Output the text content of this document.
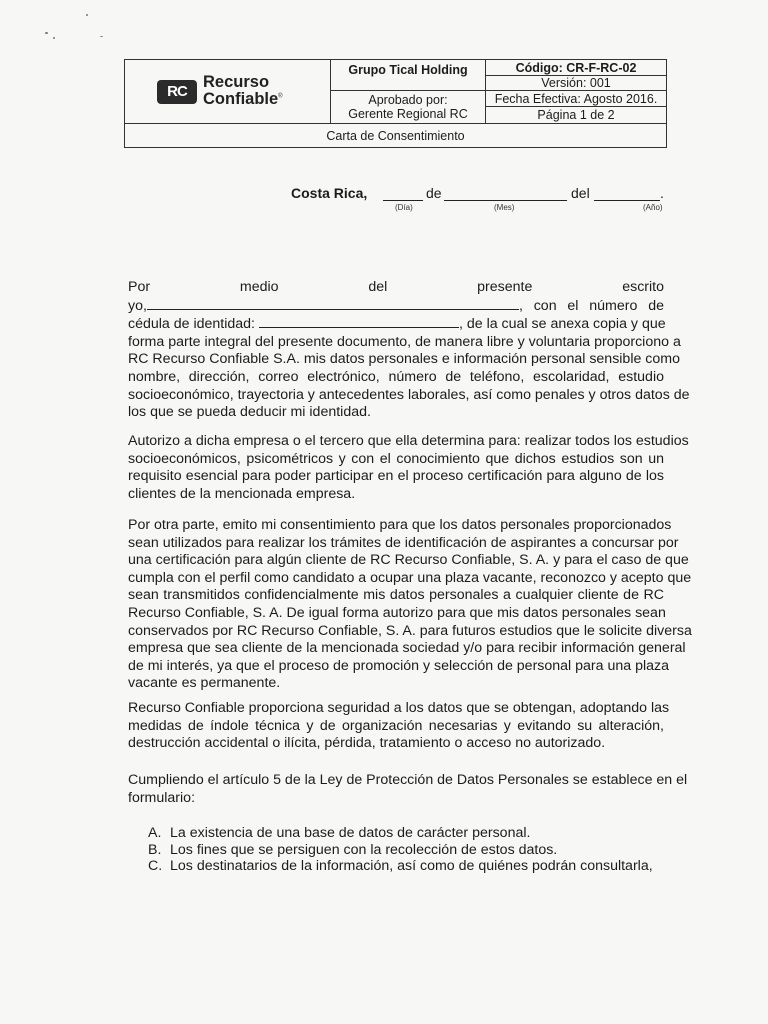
RC
Recurso
Confiable®
Grupo Tical Holding
Aprobado por:
Gerente Regional RC
Código: CR-F-RC-02
Versión: 001
Fecha Efectiva: Agosto 2016.
Página 1 de 2
Carta de Consentimiento
Costa Rica,	de	del	.
(Día)	(Mes)	(Año)
Por medio del presente escrito
yo,	, con el número de
cédula de identidad:	, de la cual se anexa copia y que
forma parte integral del presente documento, de manera libre y voluntaria proporciono a
RC Recurso Confiable S.A. mis datos personales e información personal sensible como
nombre, dirección, correo electrónico, número de teléfono, escolaridad, estudio
socioeconómico, trayectoria y antecedentes laborales, así como penales y otros datos de
los que se pueda deducir mi identidad.
Autorizo a dicha empresa o el tercero que ella determina para: realizar todos los estudios
socioeconómicos, psicométricos y con el conocimiento que dichos estudios son un
requisito esencial para poder participar en el proceso certificación para alguno de los
clientes de la mencionada empresa.
Por otra parte, emito mi consentimiento para que los datos personales proporcionados
sean utilizados para realizar los trámites de identificación de aspirantes a concursar por
una certificación para algún cliente de RC Recurso Confiable, S. A. y para el caso de que
cumpla con el perfil como candidato a ocupar una plaza vacante, reconozco y acepto que
sean transmitidos confidencialmente mis datos personales a cualquier cliente de RC
Recurso Confiable, S. A. De igual forma autorizo para que mis datos personales sean
conservados por RC Recurso Confiable, S. A. para futuros estudios que le solicite diversa
empresa que sea cliente de la mencionada sociedad y/o para recibir información general
de mi interés, ya que el proceso de promoción y selección de personal para una plaza
vacante es permanente.
Recurso Confiable proporciona seguridad a los datos que se obtengan, adoptando las
medidas de índole técnica y de organización necesarias y evitando su alteración,
destrucción accidental o ilícita, pérdida, tratamiento o acceso no autorizado.
Cumpliendo el artículo 5 de la Ley de Protección de Datos Personales se establece en el
formulario:
A. La existencia de una base de datos de carácter personal.
B. Los fines que se persiguen con la recolección de estos datos.
C. Los destinatarios de la información, así como de quiénes podrán consultarla,
